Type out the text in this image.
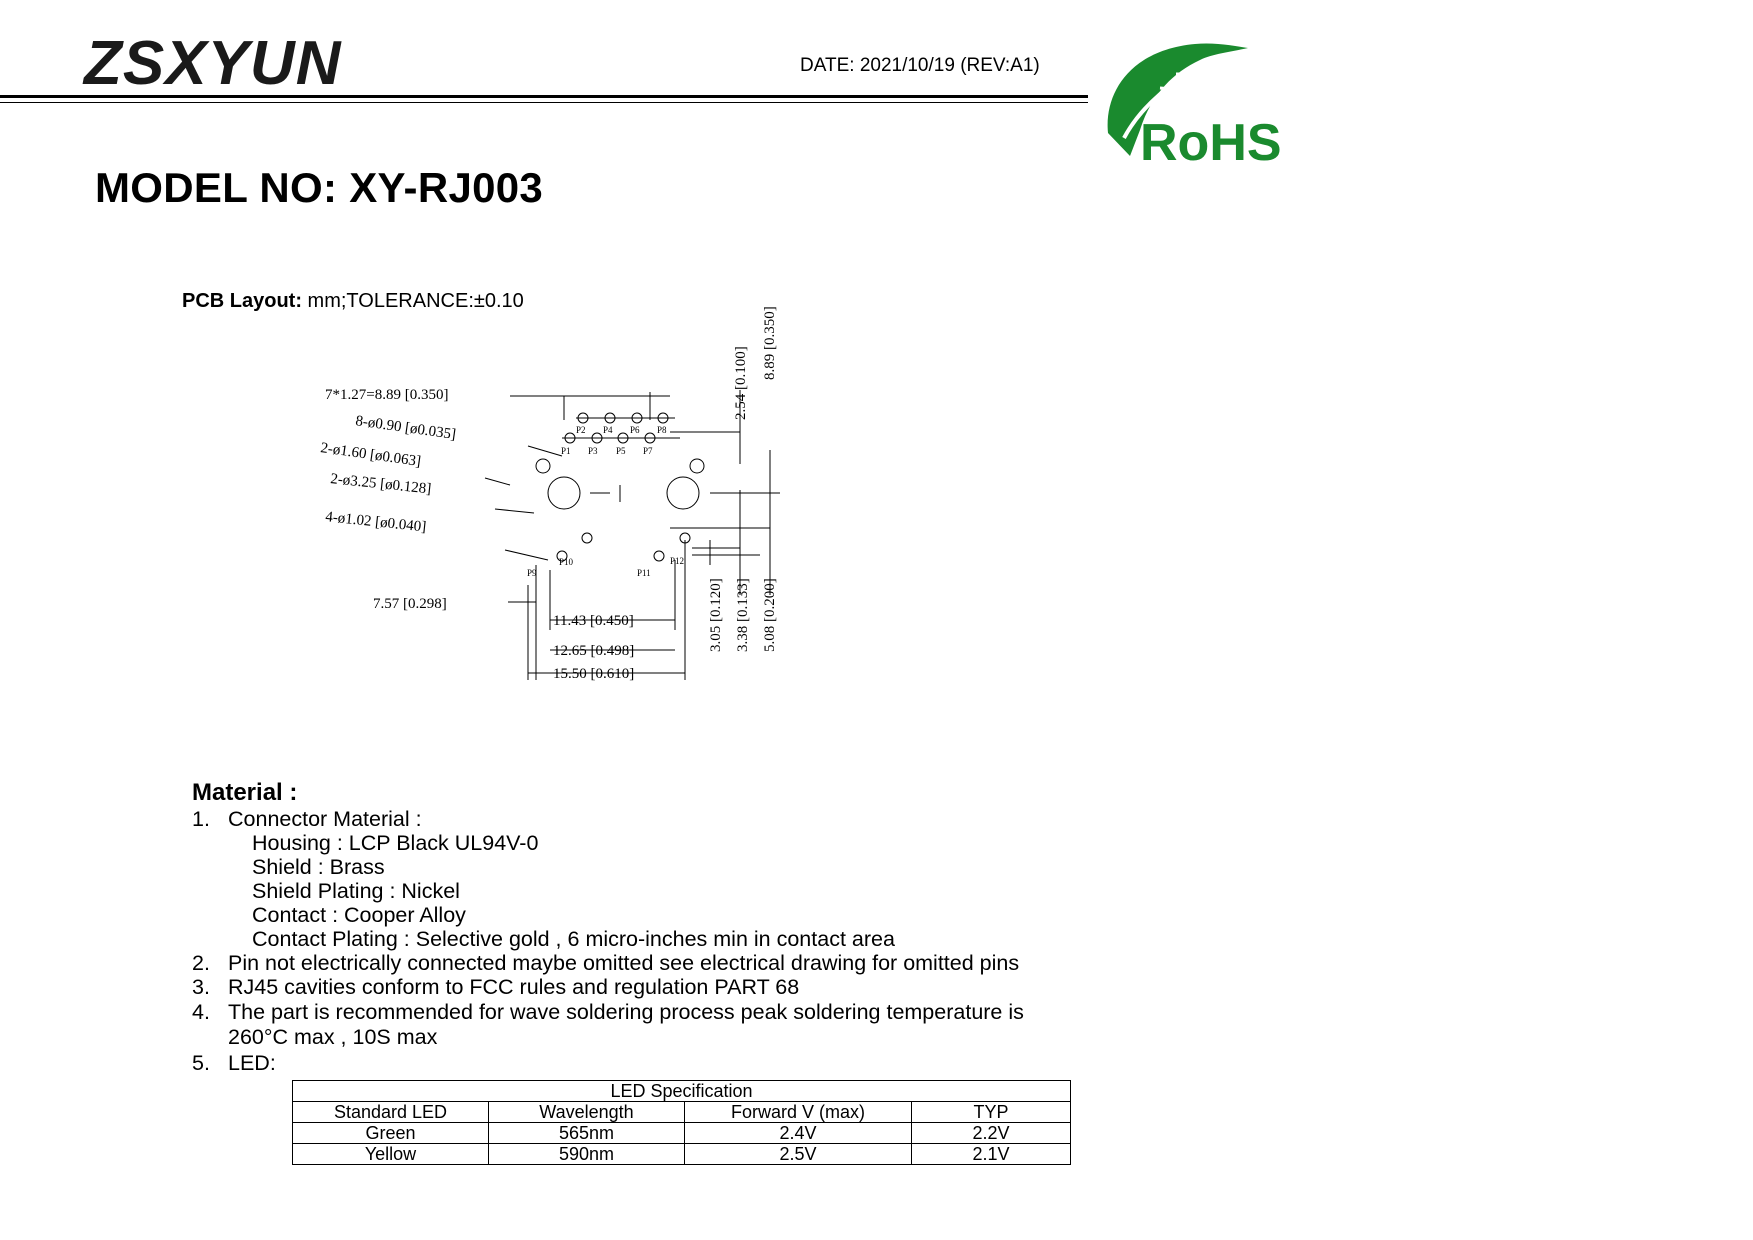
ZSXYUN	DATE: 2021/10/19 (REV:A1)
RoHS
MODEL NO: XY-RJ003
PCB Layout: mm;TOLERANCE:±0.10
7*1.27=8.89 [0.350]
8-ø0.90 [ø0.035]
2-ø1.60 [ø0.063]
2-ø3.25 [ø0.128]
4-ø1.02 [ø0.040]
7.57 [0.298]
11.43 [0.450]
12.65 [0.498]
15.50 [0.610]
2.54 [0.100]
8.89 [0.350]
3.05 [0.120] 3.38 [0.133] 5.08 [0.200]
P1
P2
P3
P4
P5
P6
P7
P8
P9
P10
P11
P12
Material :
1. Connector Material :
Housing : LCP Black UL94V-0
Shield : Brass
Shield Plating : Nickel
Contact : Cooper Alloy
Contact Plating : Selective gold , 6 micro-inches min in contact area
2. Pin not electrically connected maybe omitted see electrical drawing for omitted pins
3. RJ45 cavities conform to FCC rules and regulation PART 68
4. The part is recommended for wave soldering process peak soldering temperature is
260°C max , 10S max
5. LED:
LED Specification			
Standard LED	Wavelength	Forward V (max)	TYP
Green	565nm	2.4V	2.2V
Yellow	590nm	2.5V	2.1V
